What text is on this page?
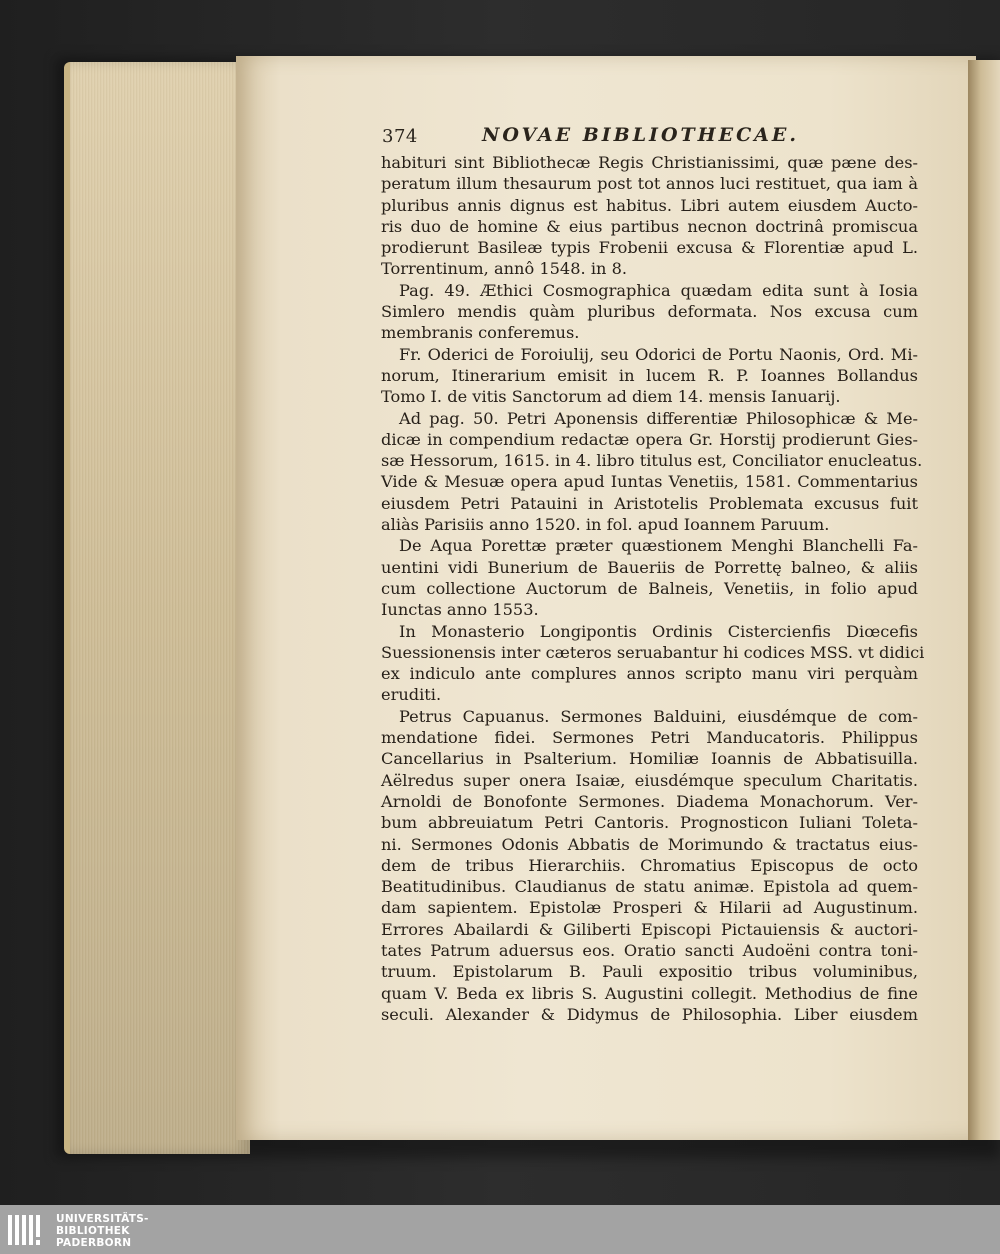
374	NOVAE BIBLIOTHECAE.
habituri sint Bibliothecæ Regis Christianissimi, quæ pæne des-
peratum illum thesaurum post tot annos luci restituet, qua iam à
pluribus annis dignus est habitus. Libri autem eiusdem Aucto-
ris duo de homine & eius partibus necnon doctrinâ promiscua
prodierunt Basileæ typis Frobenii excusa & Florentiæ apud L.
Torrentinum, annô 1548. in 8.
Pag. 49. Æthici Cosmographica quædam edita sunt à Iosia
Simlero mendis quàm pluribus deformata. Nos excusa cum
membranis conferemus.
Fr. Oderici de Foroiulij, seu Odorici de Portu Naonis, Ord. Mi-
norum, Itinerarium emisit in lucem R. P. Ioannes Bollandus
Tomo I. de vitis Sanctorum ad diem 14. mensis Ianuarij.
Ad pag. 50. Petri Aponensis differentiæ Philosophicæ & Me-
dicæ in compendium redactæ opera Gr. Horstij prodierunt Gies-
sæ Hessorum, 1615. in 4. libro titulus est, Conciliator enucleatus.
Vide & Mesuæ opera apud Iuntas Venetiis, 1581. Commentarius
eiusdem Petri Patauini in Aristotelis Problemata excusus fuit
aliàs Parisiis anno 1520. in fol. apud Ioannem Paruum.
De Aqua Porettæ præter quæstionem Menghi Blanchelli Fa-
uentini vidi Bunerium de Baueriis de Porrettę balneo, & aliis
cum collectione Auctorum de Balneis, Venetiis, in folio apud
Iunctas anno 1553.
In Monasterio Longipontis Ordinis Cistercienfis Diœcefis
Suessionensis inter cæteros seruabantur hi codices MSS. vt didici
ex indiculo ante complures annos scripto manu viri perquàm
eruditi.
Petrus Capuanus. Sermones Balduini, eiusdémque de com-
mendatione fidei. Sermones Petri Manducatoris. Philippus
Cancellarius in Psalterium. Homiliæ Ioannis de Abbatisuilla.
Aëlredus super onera Isaiæ, eiusdémque speculum Charitatis.
Arnoldi de Bonofonte Sermones. Diadema Monachorum. Ver-
bum abbreuiatum Petri Cantoris. Prognosticon Iuliani Toleta-
ni. Sermones Odonis Abbatis de Morimundo & tractatus eius-
dem de tribus Hierarchiis. Chromatius Episcopus de octo
Beatitudinibus. Claudianus de statu animæ. Epistola ad quem-
dam sapientem. Epistolæ Prosperi & Hilarii ad Augustinum.
Errores Abailardi & Giliberti Episcopi Pictauiensis & auctori-
tates Patrum aduersus eos. Oratio sancti Audoëni contra toni-
truum. Epistolarum B. Pauli expositio tribus voluminibus,
quam V. Beda ex libris S. Augustini collegit. Methodius de fine
seculi. Alexander & Didymus de Philosophia. Liber eiusdem
UNIVERSITÄTS-
BIBLIOTHEK
PADERBORN
